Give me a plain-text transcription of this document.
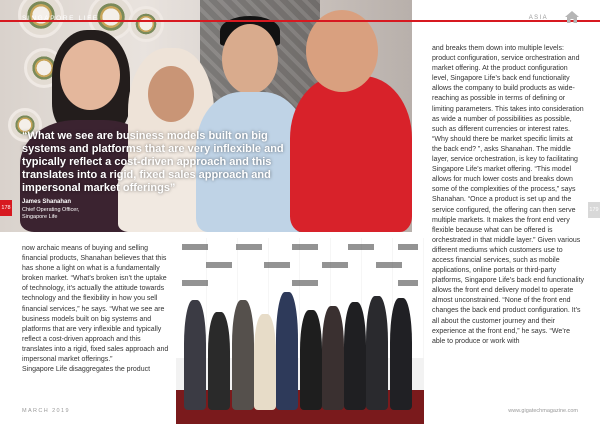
SINGAPORE LIFE	ASIA
“What we see are business models built on big systems and platforms that are very inflexible and typically reflect a cost-driven approach and this translates into a rigid, fixed sales approach and impersonal market offerings”
James Shanahan
Chief Operating Officer, Singapore Life
178	179

and breaks them down into multiple levels: product configuration, service orchestration and market offering. At the product configuration level, Singapore Life’s back end functionality allows the company to build products as wide-reaching as possible in terms of defining or limiting parameters. This takes into consideration as wide a number of possibilities as possible, such as different currencies or interest rates. “Why should there be market specific limits at the back end? ”, asks Shanahan. The middle layer, service orchestration, is key to facilitating Singapore Life’s market offering. “This model allows for much lower costs and breaks down some of the complexities of the process,” says Shanahan. “Once a product is set up and the service configured, the offering can then serve multiple markets. It makes the front end very flexible because what can be offered is orchestrated in that middle layer.” Given various different mediums which customers use to access financial services, such as mobile applications, online portals or third-party platforms, Singapore Life’s back end functionality allows the front end delivery model to operate almost unconstrained. “None of the front end changes the back end product configuration. It’s all about the customer journey and their experience at the front end,” he says. “We’re able to produce or work with

now archaic means of buying and selling financial products, Shanahan believes that this has shone a light on what is a fundamentally broken market. “What’s broken isn’t the uptake of technology, it’s actually the attitude towards technology and the flexibility in how you sell financial services,” he says. “What we see are business models built on big systems and platforms that are very inflexible and typically reflect a cost-driven approach and this translates into a rigid, fixed sales approach and impersonal market offerings.”
Singapore Life disaggregates the product

MARCH 2019	www.gigatechmagazine.com
